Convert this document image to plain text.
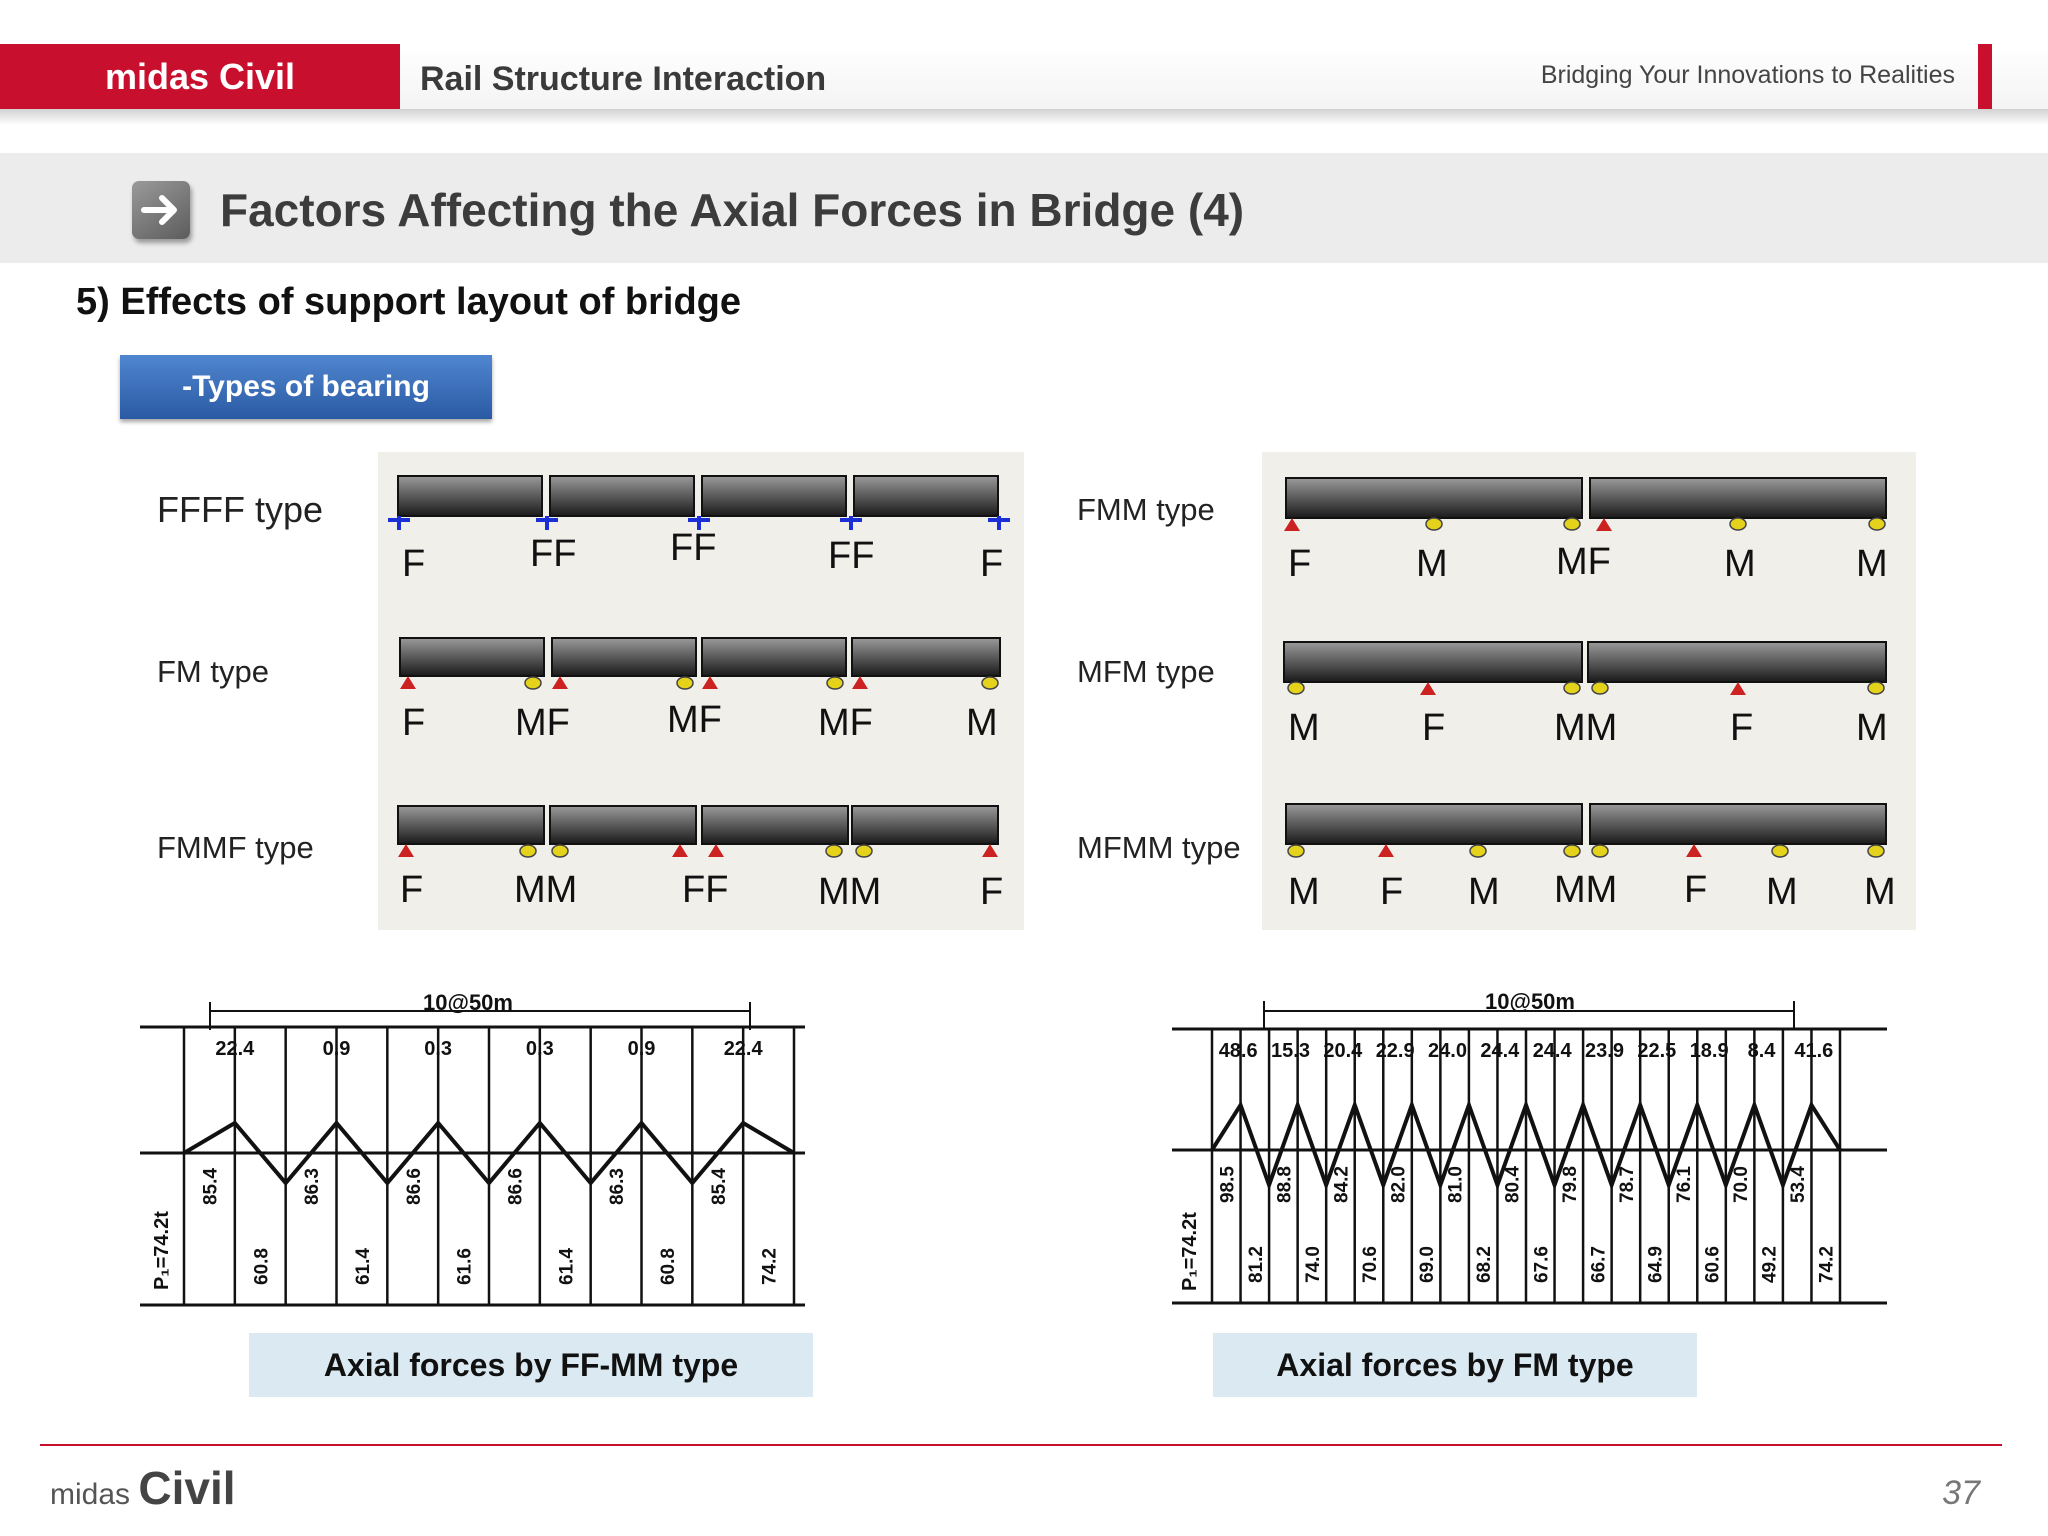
midas Civil	Rail Structure Interaction	Bridging Your Innovations to Realities
Factors Affecting the Axial Forces in Bridge (4)
5) Effects of support layout of bridge
-Types of bearing
FFFF type
FM type
FMMF type
FMM type
MFM type
MFMM type
F	FF FF	FF	F
F MF	MF	MF M
F MM	FF MM	F
F	M	MF	M	M
M	F	MM	F	M
M F M MM F M M
10@50m
22.4	0.9	0.3	0.3	0.9	22.4
85.4
60.8
86.3
61.4
86.6
61.6
86.6
61.4
86.3
60.8
85.4
74.2
P₁=74.2t
10@50m
48.6 15.3 20.4 22.9 24.0 24.4 24.4 23.9 22.5 18.9 8.4 41.6
98.5
81.2
88.8
74.0
84.2
70.6
82.0
69.0
81.0
68.2
80.4
67.6
79.8
66.7
78.7
64.9
76.1
60.6
70.0
49.2
53.4
74.2
P₁=74.2t
Axial forces by FF-MM type	Axial forces by FM type
midas Civil	37
